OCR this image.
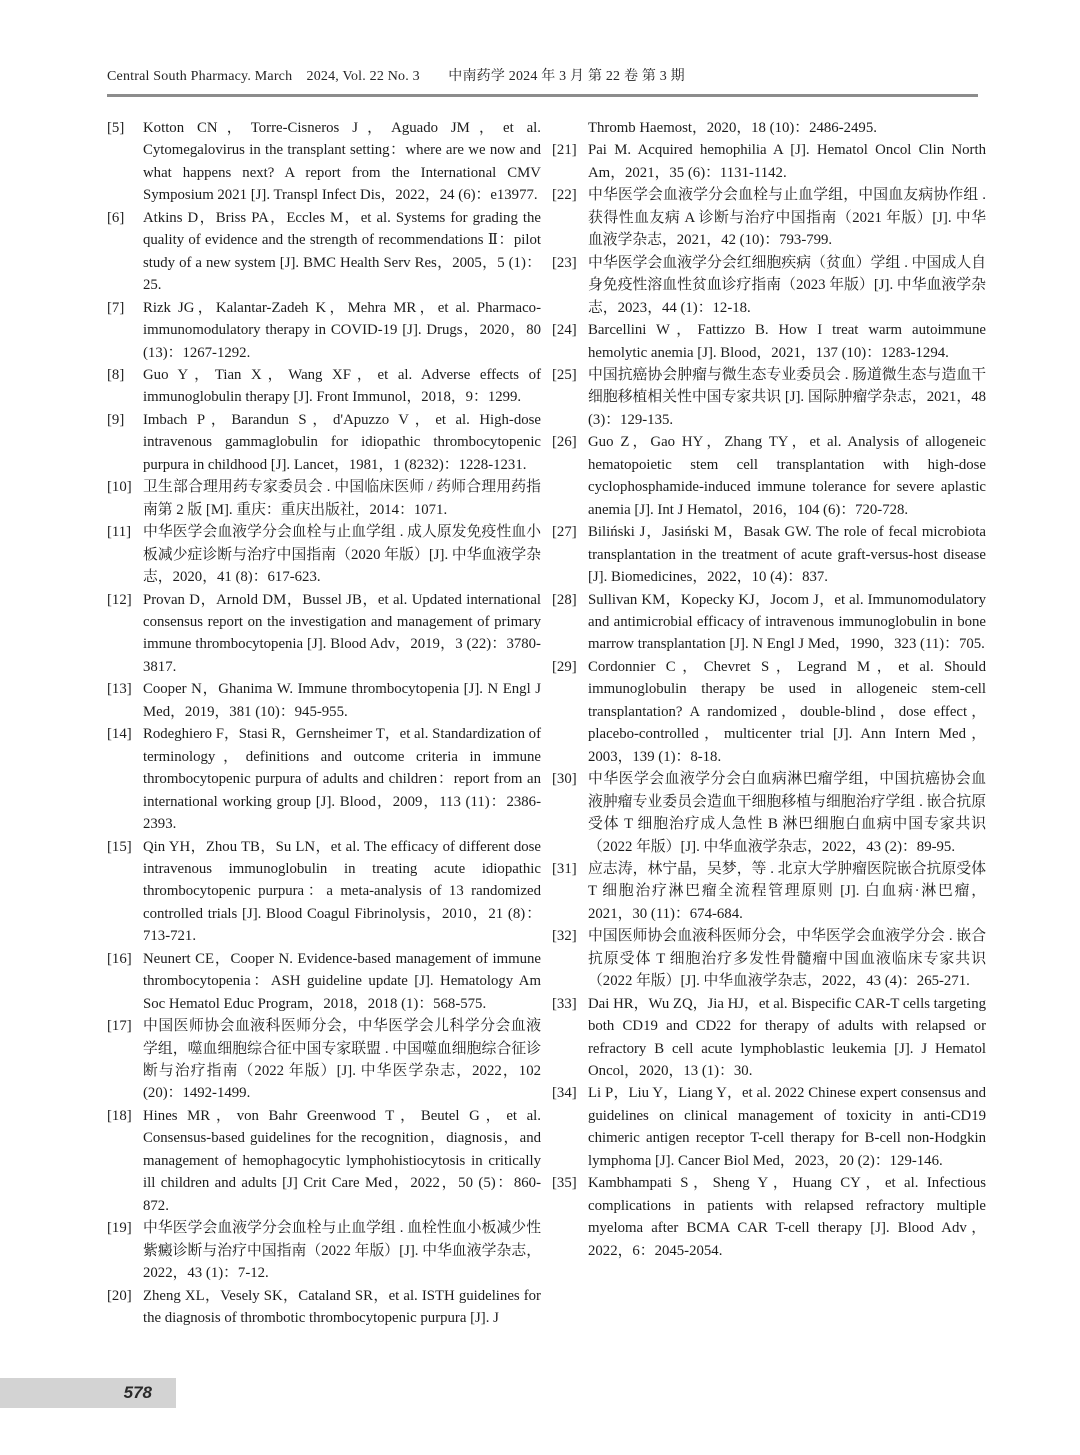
Central South Pharmacy. March　2024, Vol. 22 No. 3　　中南药学 2024 年 3 月 第 22 卷 第 3 期
[5] Kotton CN，Torre-Cisneros J，Aguado JM，et al. Cytomegalovirus in the transplant setting：where are we now and what happens next? A report from the International CMV Symposium 2021 [J]. Transpl Infect Dis，2022，24 (6)：e13977.
[6] Atkins D，Briss PA，Eccles M，et al. Systems for grading the quality of evidence and the strength of recommendations Ⅱ：pilot study of a new system [J]. BMC Health Serv Res，2005，5 (1)：25.
[7] Rizk JG，Kalantar-Zadeh K，Mehra MR，et al. Pharmaco-immunomodulatory therapy in COVID-19 [J]. Drugs，2020，80 (13)：1267-1292.
[8] Guo Y，Tian X，Wang XF，et al. Adverse effects of immunoglobulin therapy [J]. Front Immunol，2018，9：1299.
[9] Imbach P，Barandun S，d'Apuzzo V，et al. High-dose intravenous gammaglobulin for idiopathic thrombocytopenic purpura in childhood [J]. Lancet，1981，1 (8232)：1228-1231.
[10] 卫生部合理用药专家委员会 . 中国临床医师 / 药师合理用药指南第 2 版 [M]. 重庆：重庆出版社，2014：1071.
[11] 中华医学会血液学分会血栓与止血学组 . 成人原发免疫性血小板减少症诊断与治疗中国指南（2020 年版）[J]. 中华血液学杂志，2020，41 (8)：617-623.
[12] Provan D，Arnold DM，Bussel JB，et al. Updated international consensus report on the investigation and management of primary immune thrombocytopenia [J]. Blood Adv，2019，3 (22)：3780-3817.
[13] Cooper N，Ghanima W. Immune thrombocytopenia [J]. N Engl J Med，2019，381 (10)：945-955.
[14] Rodeghiero F，Stasi R，Gernsheimer T，et al. Standardization of terminology，definitions and outcome criteria in immune thrombocytopenic purpura of adults and children：report from an international working group [J]. Blood，2009，113 (11)：2386-2393.
[15] Qin YH，Zhou TB，Su LN，et al. The efficacy of different dose intravenous immunoglobulin in treating acute idiopathic thrombocytopenic purpura：a meta-analysis of 13 randomized controlled trials [J]. Blood Coagul Fibrinolysis，2010，21 (8)：713-721.
[16] Neunert CE，Cooper N. Evidence-based management of immune thrombocytopenia：ASH guideline update [J]. Hematology Am Soc Hematol Educ Program，2018，2018 (1)：568-575.
[17] 中国医师协会血液科医师分会，中华医学会儿科学分会血液学组，噬血细胞综合征中国专家联盟 . 中国噬血细胞综合征诊断与治疗指南（2022 年版）[J]. 中华医学杂志，2022，102 (20)：1492-1499.
[18] Hines MR，von Bahr Greenwood T，Beutel G，et al. Consensus-based guidelines for the recognition，diagnosis，and management of hemophagocytic lymphohistiocytosis in critically ill children and adults [J] Crit Care Med，2022，50 (5)：860-872.
[19] 中华医学会血液学分会血栓与止血学组 . 血栓性血小板减少性紫癜诊断与治疗中国指南（2022 年版）[J]. 中华血液学杂志，2022，43 (1)：7-12.
[20] Zheng XL，Vesely SK，Cataland SR，et al. ISTH guidelines for the diagnosis of thrombotic thrombocytopenic purpura [J]. J
Thromb Haemost，2020，18 (10)：2486-2495.
[21] Pai M. Acquired hemophilia A [J]. Hematol Oncol Clin North Am，2021，35 (6)：1131-1142.
[22] 中华医学会血液学分会血栓与止血学组，中国血友病协作组 . 获得性血友病 A 诊断与治疗中国指南（2021 年版）[J]. 中华血液学杂志，2021，42 (10)：793-799.
[23] 中华医学会血液学分会红细胞疾病（贫血）学组 . 中国成人自身免疫性溶血性贫血诊疗指南（2023 年版）[J]. 中华血液学杂志，2023，44 (1)：12-18.
[24] Barcellini W，Fattizzo B. How I treat warm autoimmune hemolytic anemia [J]. Blood，2021，137 (10)：1283-1294.
[25] 中国抗癌协会肿瘤与微生态专业委员会 . 肠道微生态与造血干细胞移植相关性中国专家共识 [J]. 国际肿瘤学杂志，2021，48 (3)：129-135.
[26] Guo Z，Gao HY，Zhang TY，et al. Analysis of allogeneic hematopoietic stem cell transplantation with high-dose cyclophosphamide-induced immune tolerance for severe aplastic anemia [J]. Int J Hematol，2016，104 (6)：720-728.
[27] Biliński J，Jasiński M，Basak GW. The role of fecal microbiota transplantation in the treatment of acute graft-versus-host disease [J]. Biomedicines，2022，10 (4)：837.
[28] Sullivan KM，Kopecky KJ，Jocom J，et al. Immunomodulatory and antimicrobial efficacy of intravenous immunoglobulin in bone marrow transplantation [J]. N Engl J Med，1990，323 (11)：705.
[29] Cordonnier C，Chevret S，Legrand M，et al. Should immunoglobulin therapy be used in allogeneic stem-cell transplantation? A randomized，double-blind，dose effect，placebo-controlled，multicenter trial [J]. Ann Intern Med，2003，139 (1)：8-18.
[30] 中华医学会血液学分会白血病淋巴瘤学组，中国抗癌协会血液肿瘤专业委员会造血干细胞移植与细胞治疗学组 . 嵌合抗原受体 T 细胞治疗成人急性 B 淋巴细胞白血病中国专家共识（2022 年版）[J]. 中华血液学杂志，2022，43 (2)：89-95.
[31] 应志涛，林宁晶，吴梦，等 . 北京大学肿瘤医院嵌合抗原受体 T 细胞治疗淋巴瘤全流程管理原则 [J]. 白血病·淋巴瘤，2021，30 (11)：674-684.
[32] 中国医师协会血液科医师分会，中华医学会血液学分会 . 嵌合抗原受体 T 细胞治疗多发性骨髓瘤中国血液临床专家共识（2022 年版）[J]. 中华血液学杂志，2022，43 (4)：265-271.
[33] Dai HR，Wu ZQ，Jia HJ，et al. Bispecific CAR-T cells targeting both CD19 and CD22 for therapy of adults with relapsed or refractory B cell acute lymphoblastic leukemia [J]. J Hematol Oncol，2020，13 (1)：30.
[34] Li P，Liu Y，Liang Y，et al. 2022 Chinese expert consensus and guidelines on clinical management of toxicity in anti-CD19 chimeric antigen receptor T-cell therapy for B-cell non-Hodgkin lymphoma [J]. Cancer Biol Med，2023，20 (2)：129-146.
[35] Kambhampati S，Sheng Y，Huang CY，et al. Infectious complications in patients with relapsed refractory multiple myeloma after BCMA CAR T-cell therapy [J]. Blood Adv，2022，6：2045-2054.
578
